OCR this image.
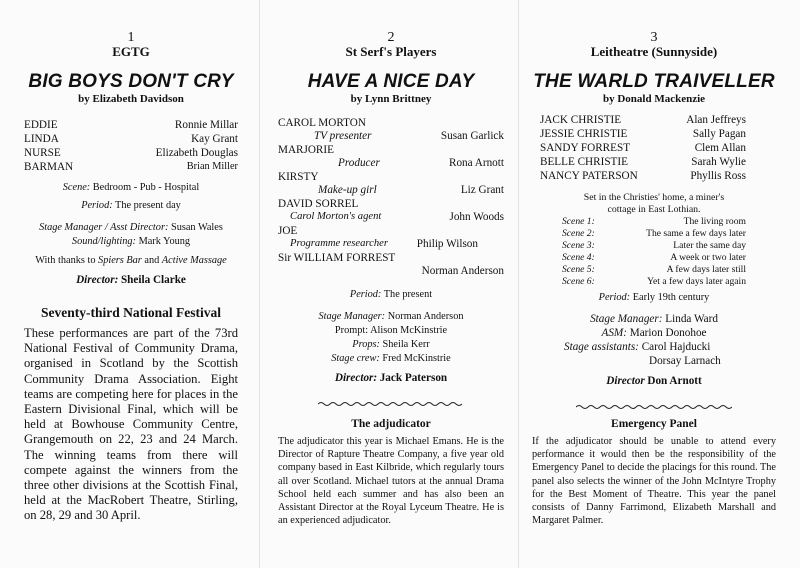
1
EGTG
BIG BOYS DON'T CRY
by Elizabeth Davidson
EDDIE	Ronnie Millar
LINDA	Kay Grant
NURSE	Elizabeth Douglas
BARMAN	Brian Miller
Scene: Bedroom - Pub - Hospital
Period: The present day
Stage Manager / Asst Director: Susan Wales
Sound/lighting: Mark Young
With thanks to Spiers Bar and Active Massage
Director: Sheila Clarke
Seventy-third National Festival
These performances are part of the 73rd National Festival of Community Drama, organised in Scotland by the Scottish Community Drama Association. Eight teams are competing here for places in the Eastern Divisional Final, which will be held at Bowhouse Community Centre, Grangemouth on 22, 23 and 24 March. The winning teams from there will compete against the winners from the three other divisions at the Scottish Final, held at the MacRobert Theatre, Stirling, on 28, 29 and 30 April.
2
St Serf's Players
HAVE A NICE DAY
by Lynn Brittney
CAROL MORTON
TV presenter	Susan Garlick
MARJORIE
Producer	Rona Arnott
KIRSTY
Make-up girl	Liz Grant
DAVID SORREL
Carol Morton's agent	John Woods
JOE
Programme researcher	Philip Wilson
Sir WILLIAM FORREST
Norman Anderson
Period: The present
Stage Manager: Norman Anderson
Prompt: Alison McKinstrie
Props: Sheila Kerr
Stage crew: Fred McKinstrie
Director: Jack Paterson
The adjudicator
The adjudicator this year is Michael Emans. He is the Director of Rapture Theatre Company, a five year old company based in East Kilbride, which regularly tours all over Scotland. Michael tutors at the annual Drama School held each summer and has also been an Assistant Director at the Royal Lyceum Theatre. He is an experienced adjudicator.
3
Leitheatre (Sunnyside)
THE WARLD TRAIVELLER
by Donald Mackenzie
JACK CHRISTIE	Alan Jeffreys
JESSIE CHRISTIE	Sally Pagan
SANDY FORREST	Clem Allan
BELLE CHRISTIE	Sarah Wylie
NANCY PATERSON	Phyllis Ross
Set in the Christies' home, a miner's
cottage in East Lothian.
Scene 1:	The living room
Scene 2:	The same a few days later
Scene 3:	Later the same day
Scene 4:	A week or two later
Scene 5:	A few days later still
Scene 6:	Yet a few days later again
Period: Early 19th century
Stage Manager: Linda Ward
ASM: Marion Donohoe
Stage assistants: Carol Hajducki
Dorsay Larnach
Director Don Arnott
Emergency Panel
If the adjudicator should be unable to attend every performance it would then be the responsibility of the Emergency Panel to decide the placings for this round. The panel also selects the winner of the John McIntyre Trophy for the Best Moment of Theatre. This year the panel consists of Danny Farrimond, Elizabeth Marshall and Margaret Palmer.
